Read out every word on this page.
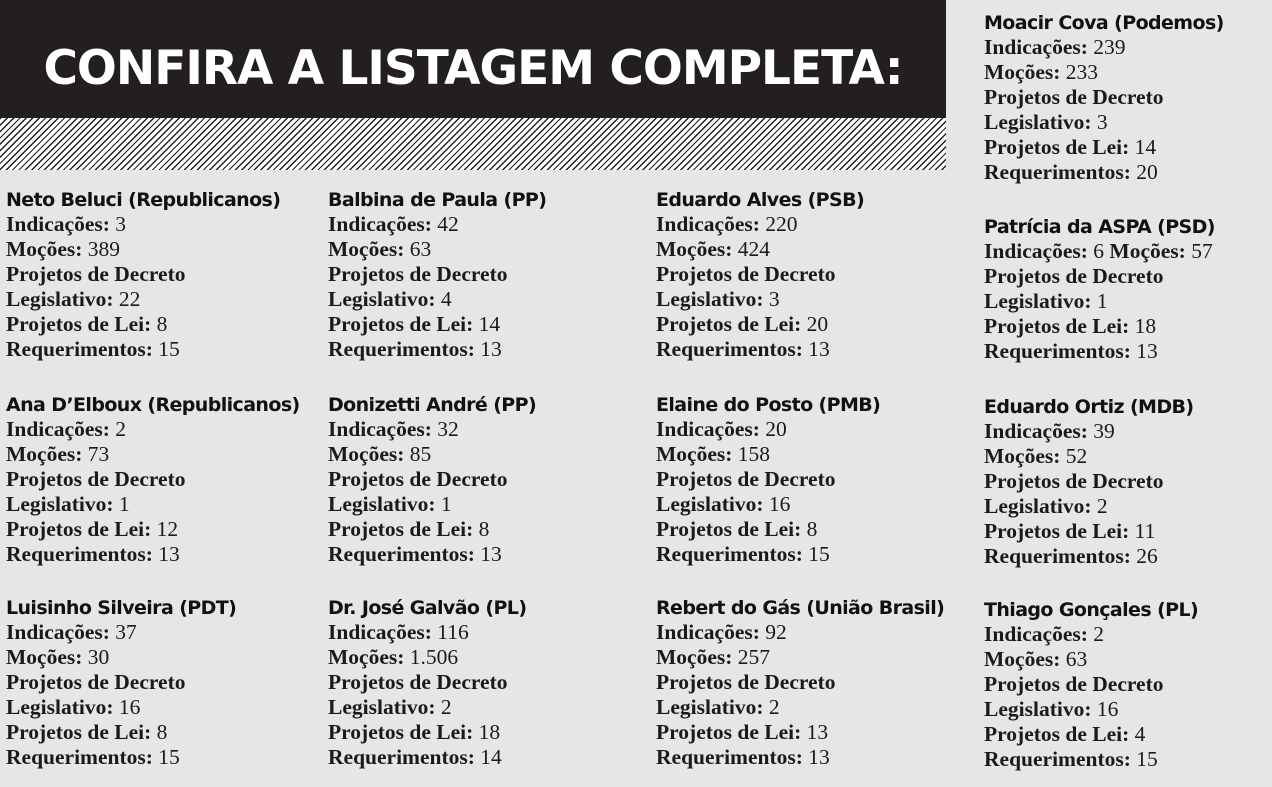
CONFIRA A LISTAGEM COMPLETA:
Neto Beluci (Republicanos)
Indicações: 3
Moções: 389
Projetos de Decreto
Legislativo: 22
Projetos de Lei: 8
Requerimentos: 15
Ana D’Elboux (Republicanos)
Indicações: 2
Moções: 73
Projetos de Decreto
Legislativo: 1
Projetos de Lei: 12
Requerimentos: 13
Luisinho Silveira (PDT)
Indicações: 37
Moções: 30
Projetos de Decreto
Legislativo: 16
Projetos de Lei: 8
Requerimentos: 15
Balbina de Paula (PP)
Indicações: 42
Moções: 63
Projetos de Decreto
Legislativo: 4
Projetos de Lei: 14
Requerimentos: 13
Donizetti André (PP)
Indicações: 32
Moções: 85
Projetos de Decreto
Legislativo: 1
Projetos de Lei: 8
Requerimentos: 13
Dr. José Galvão (PL)
Indicações: 116
Moções: 1.506
Projetos de Decreto
Legislativo: 2
Projetos de Lei: 18
Requerimentos: 14
Eduardo Alves (PSB)
Indicações: 220
Moções: 424
Projetos de Decreto
Legislativo: 3
Projetos de Lei: 20
Requerimentos: 13
Elaine do Posto (PMB)
Indicações: 20
Moções: 158
Projetos de Decreto
Legislativo: 16
Projetos de Lei: 8
Requerimentos: 15
Rebert do Gás (União Brasil)
Indicações: 92
Moções: 257
Projetos de Decreto
Legislativo: 2
Projetos de Lei: 13
Requerimentos: 13
Moacir Cova (Podemos)
Indicações: 239
Moções: 233
Projetos de Decreto
Legislativo: 3
Projetos de Lei: 14
Requerimentos: 20
Patrícia da ASPA (PSD)
Indicações: 6 Moções: 57
Projetos de Decreto
Legislativo: 1
Projetos de Lei: 18
Requerimentos: 13
Eduardo Ortiz (MDB)
Indicações: 39
Moções: 52
Projetos de Decreto
Legislativo: 2
Projetos de Lei: 11
Requerimentos: 26
Thiago Gonçales (PL)
Indicações: 2
Moções: 63
Projetos de Decreto
Legislativo: 16
Projetos de Lei: 4
Requerimentos: 15
